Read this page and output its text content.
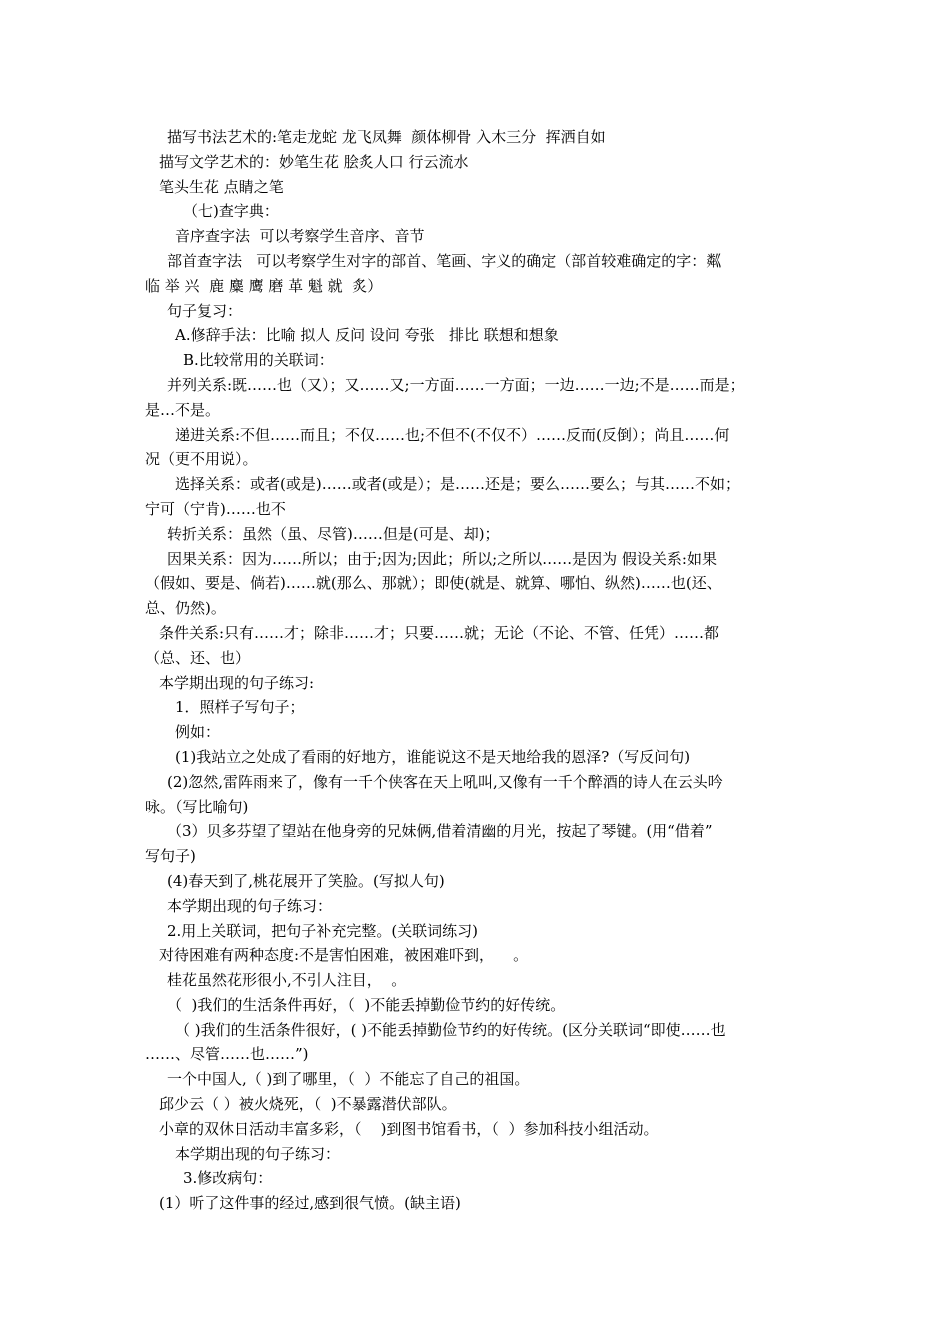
描写书法艺术的:笔走龙蛇 龙飞凤舞  颜体柳骨 入木三分  挥洒自如

描写文学艺术的：妙笔生花 脍炙人口 行云流水

笔头生花 点睛之笔

（七)查字典：

音序查字法  可以考察学生音序、音节

部首查字法   可以考察学生对字的部首、笔画、字义的确定（部首较难确定的字：粼

临 举 兴  鹿 麋 鹰 磨 革 魁 就  炙）

句子复习：

A.修辞手法：比喻 拟人 反问 设问 夸张   排比 联想和想象

B.比较常用的关联词：

并列关系:既……也（又）；又……又;一方面……一方面；一边……一边;不是……而是；

是…不是。

递进关系:不但……而且；不仅……也;不但不(不仅不）……反而(反倒）；尚且……何

况（更不用说）。

选择关系：或者(或是)……或者(或是）；是……还是；要么……要么；与其……不如；

宁可（宁肯)……也不

转折关系：虽然（虽、尽管)……但是(可是、却)；

因果关系：因为……所以；由于;因为;因此；所以;之所以……是因为 假设关系:如果

（假如、要是、倘若)……就(那么、那就）；即使(就是、就算、哪怕、纵然)……也(还、

总、仍然)。

条件关系:只有……才；除非……才；只要……就；无论（不论、不管、任凭）……都

（总、还、也）

本学期出现的句子练习:

1．照样子写句子；

例如：

(1)我站立之处成了看雨的好地方，谁能说这不是天地给我的恩泽?（写反问句)

(2)忽然,雷阵雨来了，像有一千个侠客在天上吼叫,又像有一千个醉酒的诗人在云头吟

咏。（写比喻句)

（3）贝多芬望了望站在他身旁的兄妹俩,借着清幽的月光，按起了琴键。(用“借着”

写句子)

(4)春天到了,桃花展开了笑脸。(写拟人句)

本学期出现的句子练习：

2.用上关联词，把句子补充完整。(关联词练习)

对待困难有两种态度:不是害怕困难，被困难吓到，    。

桂花虽然花形很小,不引人注目，  。

（  )我们的生活条件再好，（  )不能丢掉勤俭节约的好传统。

（ )我们的生活条件很好，( )不能丢掉勤俭节约的好传统。(区分关联词“即使……也

……、尽管……也……”)

一个中国人,（ )到了哪里，（  ）不能忘了自己的祖国。

邱少云（ ）被火烧死，（  )不暴露潜伏部队。

小章的双休日活动丰富多彩，（    )到图书馆看书，（  ）参加科技小组活动。

本学期出现的句子练习：

3.修改病句：

(1）听了这件事的经过,感到很气愤。(缺主语)
